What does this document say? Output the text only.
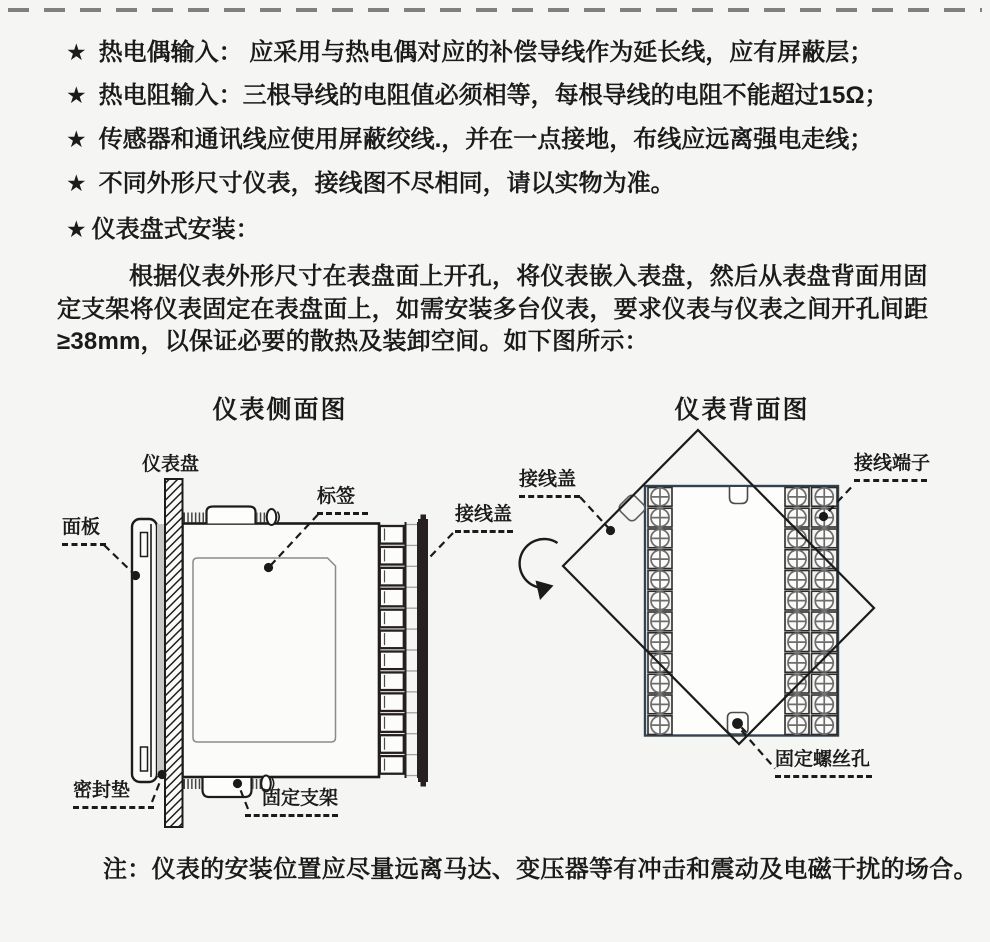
★ 热电偶输入： 应采用与热电偶对应的补偿导线作为延长线，应有屏蔽层；
★ 热电阻输入：三根导线的电阻值必须相等，每根导线的电阻不能超过15Ω；
★ 传感器和通讯线应使用屏蔽绞线.，并在一点接地，布线应远离强电走线；
★ 不同外形尺寸仪表，接线图不尽相同，请以实物为准。
★ 仪表盘式安装：

根据仪表外形尺寸在表盘面上开孔，将仪表嵌入表盘，然后从表盘背面用固定支架将仪表固定在表盘面上，如需安装多台仪表，要求仪表与仪表之间开孔间距≥38mm，以保证必要的散热及装卸空间。如下图所示：

仪表侧面图	仪表背面图
仪表盘
面板
标签
接线盖
密封垫	固定支架
接线盖
接线端子
固定螺丝孔
注：仪表的安装位置应尽量远离马达、变压器等有冲击和震动及电磁干扰的场合。
